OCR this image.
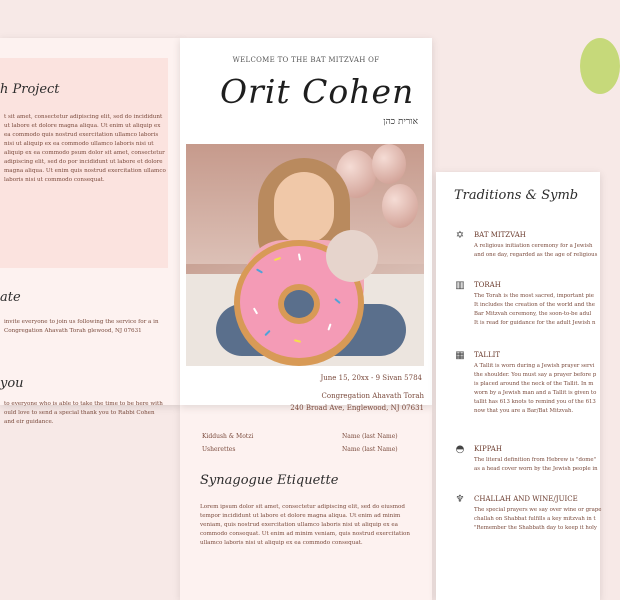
h Project
t sit amet, consectetur adipiscing elit, sed do incididunt ut labore et dolore magna aliqua. Ut enim ut aliquip ex ea commodo quis nostrud exercitation ullamco laboris nisi ut aliquip ex ea commodo ullamco laboris nisi ut aliquip ex ea commodo psum dolor sit amet, consectetur adipiscing elit, sed do por incididunt ut labore et dolore magna aliqua. Ut enim quis nostrud exercitation ullamco laboris nisi ut commodo consequat.
ate
invite everyone to join us following the service for a in Congregation Ahavath Torah glewood, NJ 07631
you
to everyone who is able to take the time to be here with ould love to send a special thank you to Rabbi Cohen and eir guidance.
Kiddush & Motzi	Name (last Name)
Usherettes	Name (last Name)
Synagogue Etiquette
Lorem ipsum dolor sit amet, consectetur adipiscing elit, sed do eiusmod tempor incididunt ut labore et dolore magna aliqua. Ut enim ad minim veniam, quis nostrud exercitation ullamco laboris nisi ut aliquip ex ea commodo consequat. Ut enim ad minim veniam, quis nostrud exercitation ullamco laboris nisi ut aliquip ex ea commodo consequat.
WELCOME TO THE BAT MITZVAH OF
Orit Cohen
אורית כהן
June 15, 20xx - 9 Sivan 5784
Congregation Ahavath Torah
240 Broad Ave, Englewood, NJ 07631
Traditions & Symb
✡ BAT MITZVAH
A religious initiation ceremony for a Jewish
and one day, regarded as the age of religious
▥ TORAH
The Torah is the most sacred, important pie
It includes the creation of the world and the
Bar Mitzvah ceremony, the soon-to-be adul
It is read for guidance for the adult Jewish n
▦ TALLIT
A Tallit is worn during a Jewish prayer servi
the shoulder. You must say a prayer before p
is placed around the neck of the Tallit. In m
worn by a Jewish man and a Tallit is given to
tallit has 613 knots to remind you of the 613
now that you are a Bar/Bat Mitzvah.
◓ KIPPAH
The literal definition from Hebrew is "dome"
as a head cover worn by the Jewish people in
♆ CHALLAH AND WINE/JUICE
The special prayers we say over wine or grape
challah on Shabbat fulfills a key mitzvah in t
"Remember the Shabbath day to keep it holy
